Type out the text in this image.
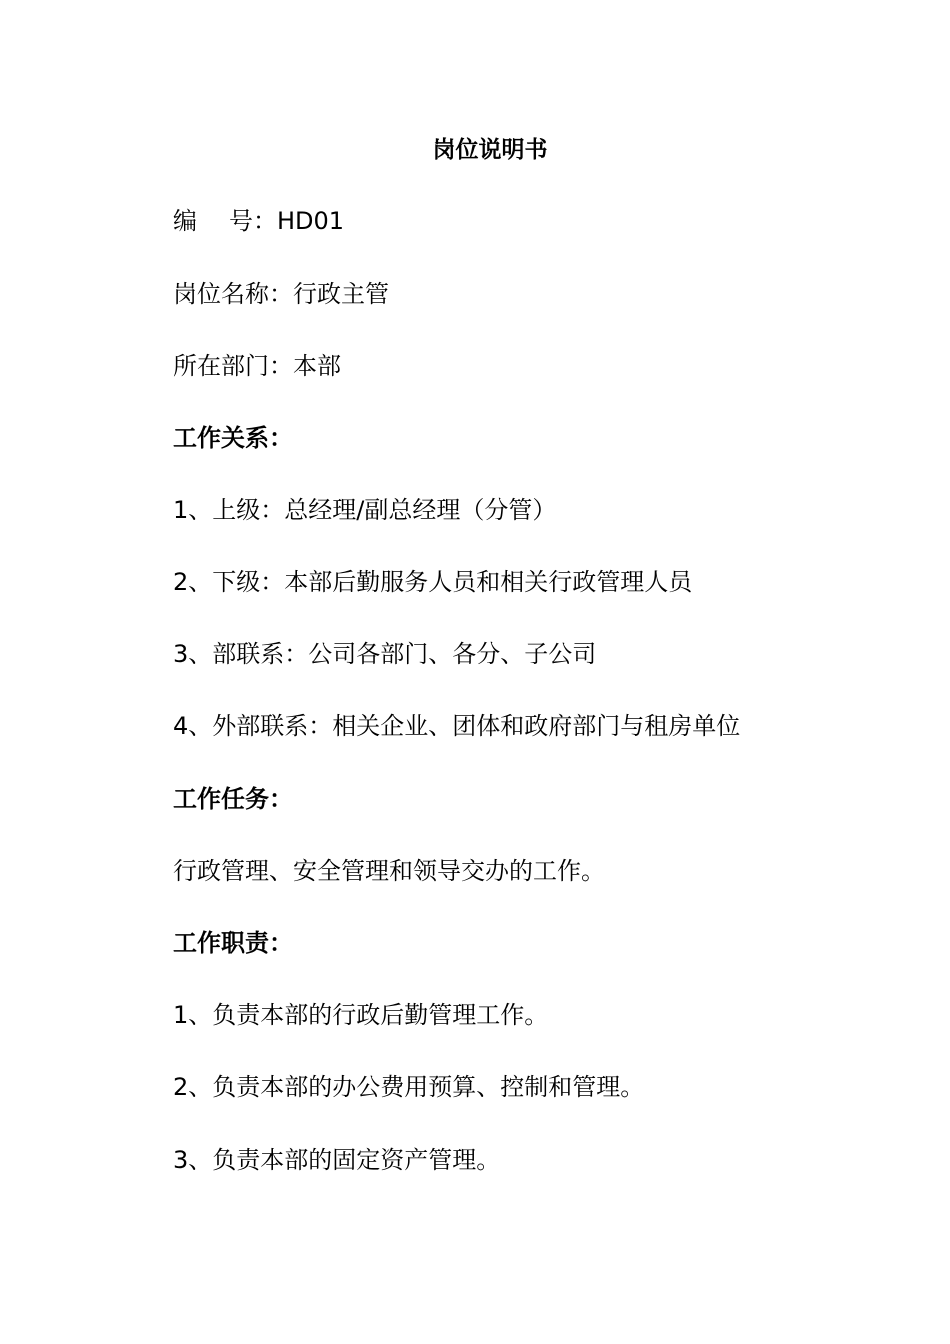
岗位说明书
编 号：HD01
岗位名称：行政主管
所在部门：本部
工作关系：
1、上级：总经理/副总经理（分管）
2、下级：本部后勤服务人员和相关行政管理人员
3、部联系：公司各部门、各分、子公司
4、外部联系：相关企业、团体和政府部门与租房单位
工作任务：
行政管理、安全管理和领导交办的工作。
工作职责：
1、负责本部的行政后勤管理工作。
2、负责本部的办公费用预算、控制和管理。
3、负责本部的固定资产管理。
